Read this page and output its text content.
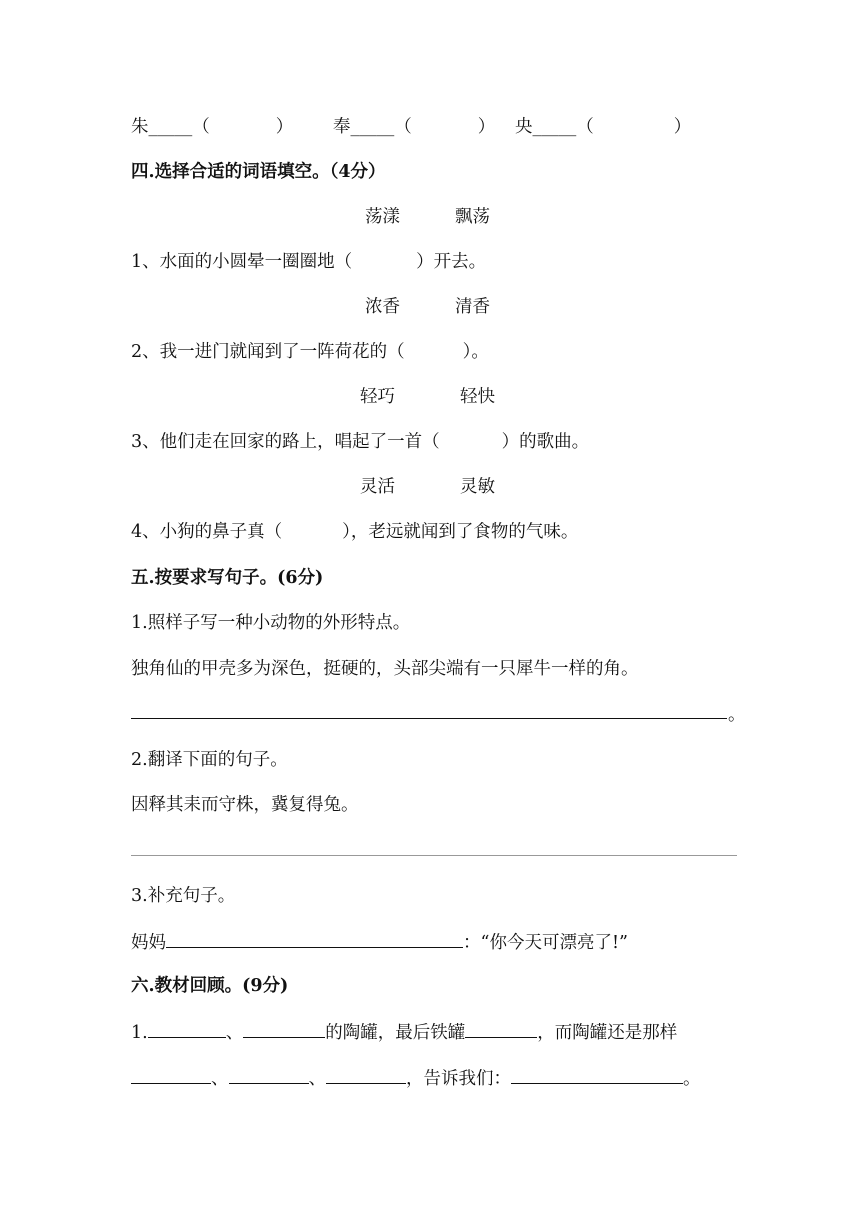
朱_____（	） 奉_____（	） 央_____（	）
四.选择合适的词语填空。（4分）
荡漾	飘荡
1、水面的小圆晕一圈圈地（	）开去。
浓香	清香
2、我一进门就闻到了一阵荷花的（	）。
轻巧	轻快
3、他们走在回家的路上，唱起了一首（	）的歌曲。
灵活	灵敏
4、小狗的鼻子真（	），老远就闻到了食物的气味。
五.按要求写句子。(6分)
1.照样子写一种小动物的外形特点。
独角仙的甲壳多为深色，挺硬的，头部尖端有一只犀牛一样的角。
。
2.翻译下面的句子。
因释其耒而守株，冀复得兔。
3.补充句子。
妈妈	：“你今天可漂亮了!”
六.教材回顾。(9分)
1.	、	的陶罐，最后铁罐	，而陶罐还是那样
、	、	，告诉我们：	。
